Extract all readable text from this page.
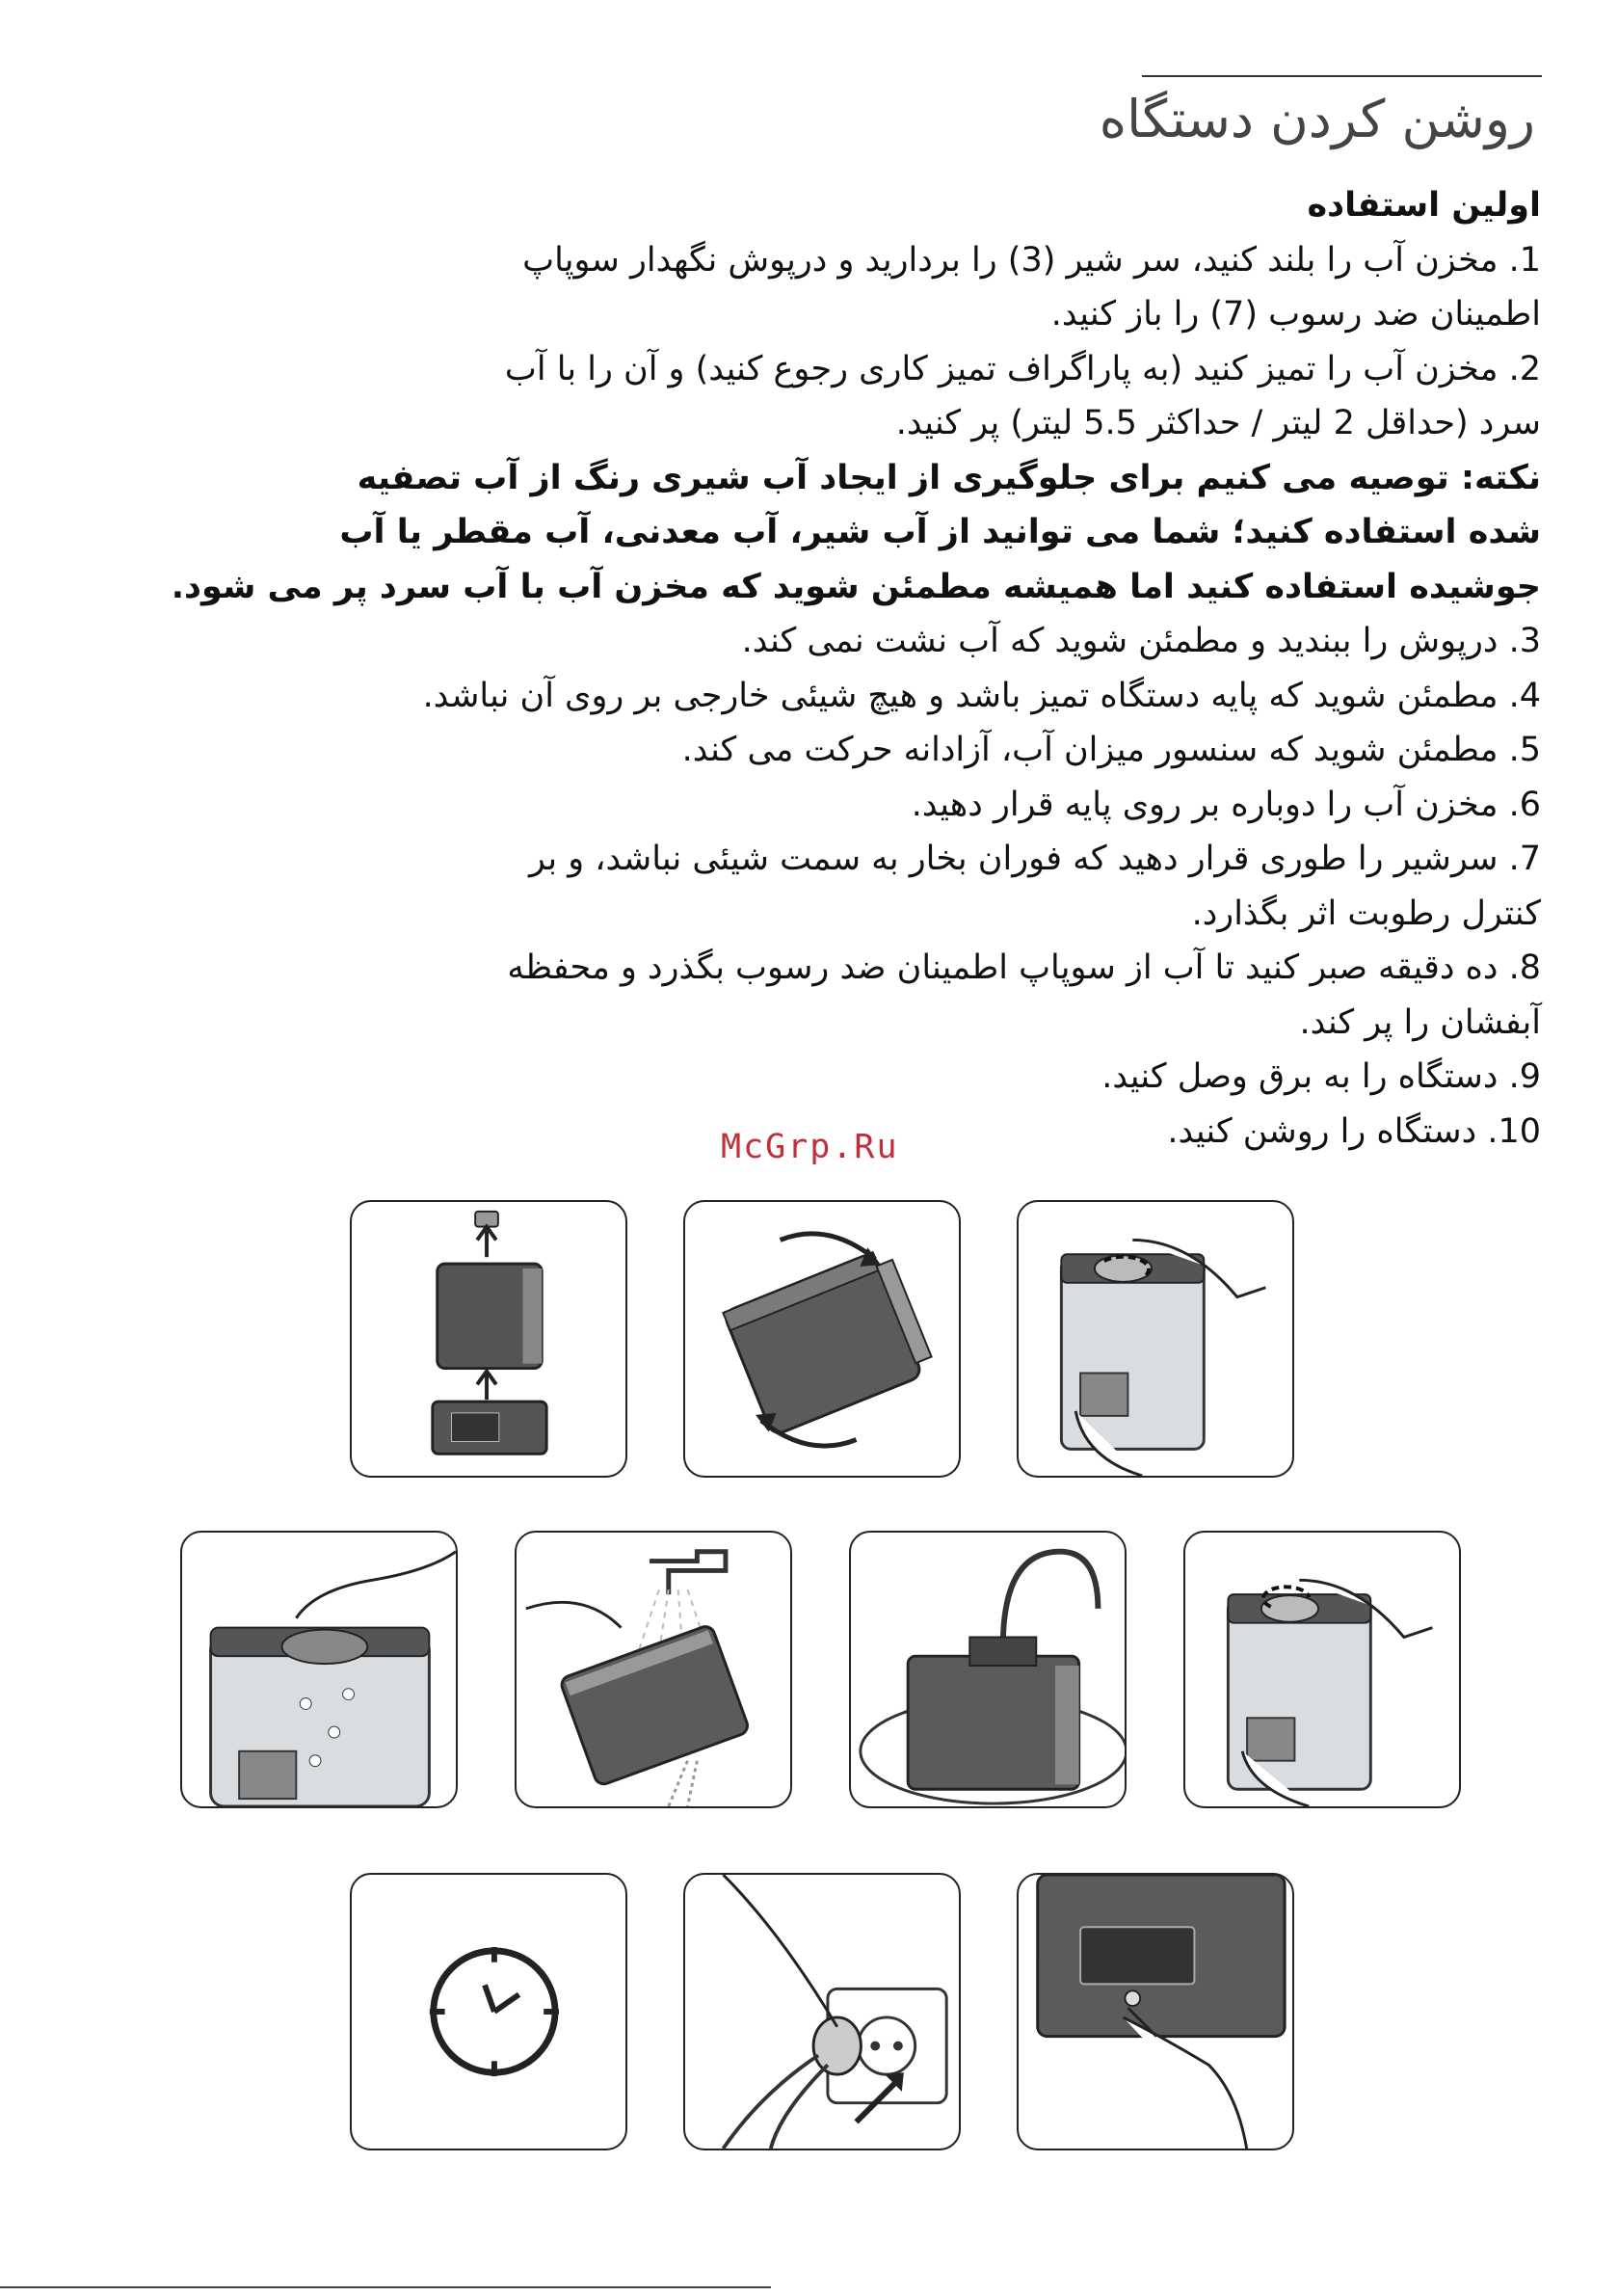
روشن کردن دستگاه
اولین استفاده
1. مخزن آب را بلند کنید، سر شیر (3) را بردارید و درپوش نگهدار سوپاپ
اطمینان ضد رسوب (7) را باز کنید.
2. مخزن آب را تمیز کنید (به پاراگراف تمیز کاری رجوع کنید) و آن را با آب
سرد (حداقل 2 لیتر / حداکثر 5.5 لیتر) پر کنید.
نکته: توصیه می کنیم برای جلوگیری از ایجاد آب شیری رنگ از آب تصفیه
شده استفاده کنید؛ شما می توانید از آب شیر، آب معدنی، آب مقطر یا آب
جوشیده استفاده کنید اما همیشه مطمئن شوید که مخزن آب با آب سرد پر می شود.
3. درپوش را ببندید و مطمئن شوید که آب نشت نمی کند.
4. مطمئن شوید که پایه دستگاه تمیز باشد و هیچ شیئی خارجی بر روی آن نباشد.
5. مطمئن شوید که سنسور میزان آب، آزادانه حرکت می کند.
6. مخزن آب را دوباره بر روی پایه قرار دهید.
7. سرشیر را طوری قرار دهید که فوران بخار به سمت شیئی نباشد، و بر
کنترل رطوبت اثر بگذارد.
8. ده دقیقه صبر کنید تا آب از سوپاپ اطمینان ضد رسوب بگذرد و محفظه
آبفشان را پر کند.
9. دستگاه را به برق وصل کنید.
10. دستگاه را روشن کنید.
McGrp.Ru
